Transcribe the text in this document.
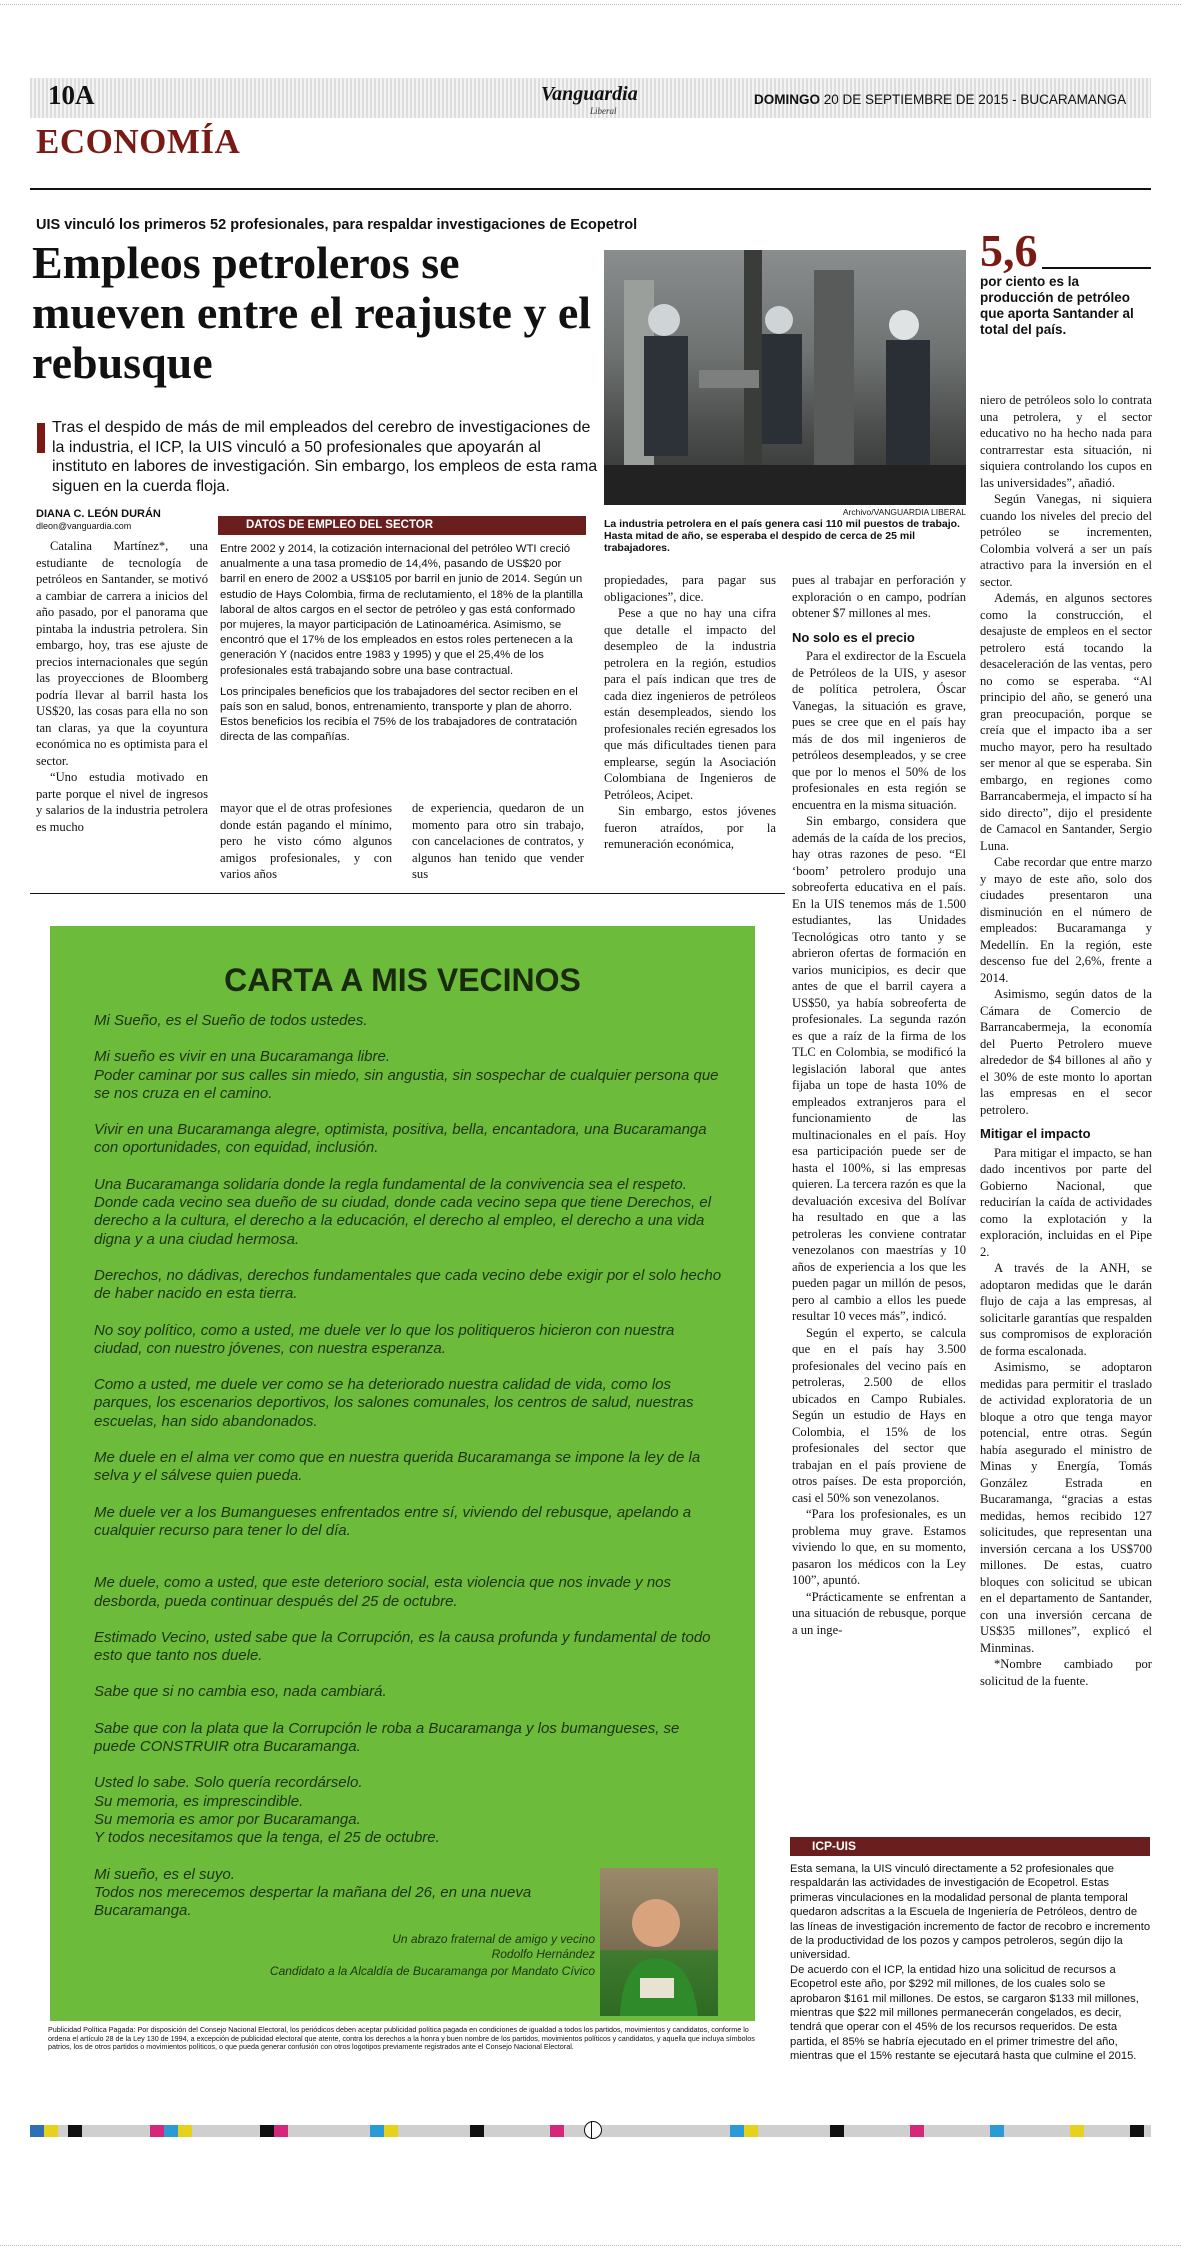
10A	Vanguardia
Liberal
DOMINGO 20 DE SEPTIEMBRE DE 2015 - BUCARAMANGA
ECONOMÍA
UIS vinculó los primeros 52 profesionales, para respaldar investigaciones de Ecopetrol
Empleos petroleros se mueven entre el reajuste y el rebusque
Tras el despido de más de mil empleados del cerebro de investigaciones de la industria, el ICP, la UIS vinculó a 50 profesionales que apoyarán al instituto en labores de investigación. Sin embargo, los empleos de esta rama siguen en la cuerda floja.
DIANA C. LEÓN DURÁN
dleon@vanguardia.com

Catalina Martínez*, una estudiante de tecnología de petróleos en Santander, se motivó a cambiar de carrera a inicios del año pasado, por el panorama que pintaba la industria petrolera. Sin embargo, hoy, tras ese ajuste de precios internacionales que según las proyecciones de Bloomberg podría llevar al barril hasta los US$20, las cosas para ella no son tan claras, ya que la coyuntura económica no es optimista para el sector.

“Uno estudia motivado en parte porque el nivel de ingresos y salarios de la industria petrolera es mucho

DATOS DE EMPLEO DEL SECTOR
Entre 2002 y 2014, la cotización internacional del petróleo WTI creció anualmente a una tasa promedio de 14,4%, pasando de US$20 por barril en enero de 2002 a US$105 por barril en junio de 2014. Según un estudio de Hays Colombia, firma de reclutamiento, el 18% de la plantilla laboral de altos cargos en el sector de petróleo y gas está conformado por mujeres, la mayor participación de Latinoamérica. Asimismo, se encontró que el 17% de los empleados en estos roles pertenecen a la generación Y (nacidos entre 1983 y 1995) y que el 25,4% de los profesionales está trabajando sobre una base contractual.
Los principales beneficios que los trabajadores del sector reciben en el país son en salud, bonos, entrenamiento, transporte y plan de ahorro. Estos beneficios los recibía el 75% de los trabajadores de contratación directa de las compañías.

mayor que el de otras profesiones donde están pagando el mínimo, pero he visto cómo algunos amigos profesionales, y con varios años

de experiencia, quedaron de un momento para otro sin trabajo, con cancelaciones de contratos, y algunos han tenido que vender sus

Archivo/VANGUARDIA LIBERAL
La industria petrolera en el país genera casi 110 mil puestos de trabajo. Hasta mitad de año, se esperaba el despido de cerca de 25 mil trabajadores.
5,6
por ciento es la producción de petróleo que aporta Santander al total del país.

propiedades, para pagar sus obligaciones”, dice.

Pese a que no hay una cifra que detalle el impacto del desempleo de la industria petrolera en la región, estudios para el país indican que tres de cada diez ingenieros de petróleos están desempleados, siendo los profesionales recién egresados los que más dificultades tienen para emplearse, según la Asociación Colombiana de Ingenieros de Petróleos, Acipet.

Sin embargo, estos jóvenes fueron atraídos, por la remuneración económica,

pues al trabajar en perforación y exploración o en campo, podrían obtener $7 millones al mes.

No solo es el precio

Para el exdirector de la Escuela de Petróleos de la UIS, y asesor de política petrolera, Óscar Vanegas, la situación es grave, pues se cree que en el país hay más de dos mil ingenieros de petróleos desempleados, y se cree que por lo menos el 50% de los profesionales en esta región se encuentra en la misma situación.

Sin embargo, considera que además de la caída de los precios, hay otras razones de peso. “El ‘boom’ petrolero produjo una sobreoferta educativa en el país. En la UIS tenemos más de 1.500 estudiantes, las Unidades Tecnológicas otro tanto y se abrieron ofertas de formación en varios municipios, es decir que antes de que el barril cayera a US$50, ya había sobreoferta de profesionales. La segunda razón es que a raíz de la firma de los TLC en Colombia, se modificó la legislación laboral que antes fijaba un tope de hasta 10% de empleados extranjeros para el funcionamiento de las multinacionales en el país. Hoy esa participación puede ser de hasta el 100%, si las empresas quieren. La tercera razón es que la devaluación excesiva del Bolívar ha resultado en que a las petroleras les conviene contratar venezolanos con maestrías y 10 años de experiencia a los que les pueden pagar un millón de pesos, pero al cambio a ellos les puede resultar 10 veces más”, indicó.

Según el experto, se calcula que en el país hay 3.500 profesionales del vecino país en petroleras, 2.500 de ellos ubicados en Campo Rubiales. Según un estudio de Hays en Colombia, el 15% de los profesionales del sector que trabajan en el país proviene de otros países. De esta proporción, casi el 50% son venezolanos.

“Para los profesionales, es un problema muy grave. Estamos viviendo lo que, en su momento, pasaron los médicos con la Ley 100”, apuntó.

“Prácticamente se enfrentan a una situación de rebusque, porque a un inge-

niero de petróleos solo lo contrata una petrolera, y el sector educativo no ha hecho nada para contrarrestar esta situación, ni siquiera controlando los cupos en las universidades”, añadió.

Según Vanegas, ni siquiera cuando los niveles del precio del petróleo se incrementen, Colombia volverá a ser un país atractivo para la inversión en el sector.

Además, en algunos sectores como la construcción, el desajuste de empleos en el sector petrolero está tocando la desaceleración de las ventas, pero no como se esperaba. “Al principio del año, se generó una gran preocupación, porque se creía que el impacto iba a ser mucho mayor, pero ha resultado ser menor al que se esperaba. Sin embargo, en regiones como Barrancabermeja, el impacto sí ha sido directo”, dijo el presidente de Camacol en Santander, Sergio Luna.

Cabe recordar que entre marzo y mayo de este año, solo dos ciudades presentaron una disminución en el número de empleados: Bucaramanga y Medellín. En la región, este descenso fue del 2,6%, frente a 2014.

Asimismo, según datos de la Cámara de Comercio de Barrancabermeja, la economía del Puerto Petrolero mueve alrededor de $4 billones al año y el 30% de este monto lo aportan las empresas en el secor petrolero.

Mitigar el impacto

Para mitigar el impacto, se han dado incentivos por parte del Gobierno Nacional, que reducirían la caída de actividades como la explotación y la exploración, incluidas en el Pipe 2.

A través de la ANH, se adoptaron medidas que le darán flujo de caja a las empresas, al solicitarle garantías que respalden sus compromisos de exploración de forma escalonada.

Asimismo, se adoptaron medidas para permitir el traslado de actividad exploratoria de un bloque a otro que tenga mayor potencial, entre otras. Según había asegurado el ministro de Minas y Energía, Tomás González Estrada en Bucaramanga, “gracias a estas medidas, hemos recibido 127 solicitudes, que representan una inversión cercana a los US$700 millones. De estas, cuatro bloques con solicitud se ubican en el departamento de Santander, con una inversión cercana de US$35 millones”, explicó el Minminas.

*Nombre cambiado por solicitud de la fuente.

CARTA A MIS VECINOS
Mi Sueño, es el Sueño de todos ustedes.
Mi sueño es vivir en una Bucaramanga libre.
Poder caminar por sus calles sin miedo, sin angustia, sin sospechar de cualquier persona que se nos cruza en el camino.
Vivir en una Bucaramanga alegre, optimista, positiva, bella, encantadora, una Bucaramanga con oportunidades, con equidad, inclusión.
Una Bucaramanga solidaria donde la regla fundamental de la convivencia sea el respeto. Donde cada vecino sea dueño de su ciudad, donde cada vecino sepa que tiene Derechos, el derecho a la cultura, el derecho a la educación, el derecho al empleo, el derecho a una vida digna y a una ciudad hermosa.
Derechos, no dádivas, derechos fundamentales que cada vecino debe exigir por el solo hecho de haber nacido en esta tierra.
No soy político, como a usted, me duele ver lo que los politiqueros hicieron con nuestra ciudad, con nuestro jóvenes, con nuestra esperanza.
Como a usted, me duele ver como se ha deteriorado nuestra calidad de vida, como los parques, los escenarios deportivos, los salones comunales, los centros de salud, nuestras escuelas, han sido abandonados.
Me duele en el alma ver como que en nuestra querida Bucaramanga se impone la ley de la selva y el sálvese quien pueda.
Me duele ver a los Bumangueses enfrentados entre sí, viviendo del rebusque, apelando a cualquier recurso para tener lo del día.
Me duele, como a usted, que este deterioro social, esta violencia que nos invade y nos desborda, pueda continuar después del 25 de octubre.
Estimado Vecino, usted sabe que la Corrupción, es la causa profunda y fundamental de todo esto que tanto nos duele.
Sabe que si no cambia eso, nada cambiará.
Sabe que con la plata que la Corrupción le roba a Bucaramanga y los bumangueses, se puede CONSTRUIR otra Bucaramanga.
Usted lo sabe. Solo quería recordárselo.
Su memoria, es imprescindible.
Su memoria es amor por Bucaramanga.
Y todos necesitamos que la tenga, el 25 de octubre.
Mi sueño, es el suyo.
Todos nos merecemos despertar la mañana del 26, en una nueva Bucaramanga.
Un abrazo fraternal de amigo y vecino
Rodolfo Hernández
Candidato a la Alcaldía de Bucaramanga por Mandato Cívico
Publicidad Política Pagada: Por disposición del Consejo Nacional Electoral, los periódicos deben aceptar publicidad política pagada en condiciones de igualdad a todos los partidos, movimientos y candidatos, conforme lo ordena el artículo 28 de la Ley 130 de 1994, a excepción de publicidad electoral que atente, contra los derechos a la honra y buen nombre de los partidos, movimientos políticos y candidatos, y aquella que incluya símbolos patrios, los de otros partidos o movimientos políticos, o que pueda generar confusión con otros logotipos previamente registrados ante el Consejo Nacional Electoral.
ICP-UIS
Esta semana, la UIS vinculó directamente a 52 profesionales que respaldarán las actividades de investigación de Ecopetrol. Estas primeras vinculaciones en la modalidad personal de planta temporal quedaron adscritas a la Escuela de Ingeniería de Petróleos, dentro de las líneas de investigación incremento de factor de recobro e incremento de la productividad de los pozos y campos petroleros, según dijo la universidad.
De acuerdo con el ICP, la entidad hizo una solicitud de recursos a Ecopetrol este año, por $292 mil millones, de los cuales solo se aprobaron $161 mil millones. De estos, se cargaron $133 mil millones, mientras que $22 mil millones permanecerán congelados, es decir, tendrá que operar con el 45% de los recursos requeridos. De esta partida, el 85% se habría ejecutado en el primer trimestre del año, mientras que el 15% restante se ejecutará hasta que culmine el 2015.
